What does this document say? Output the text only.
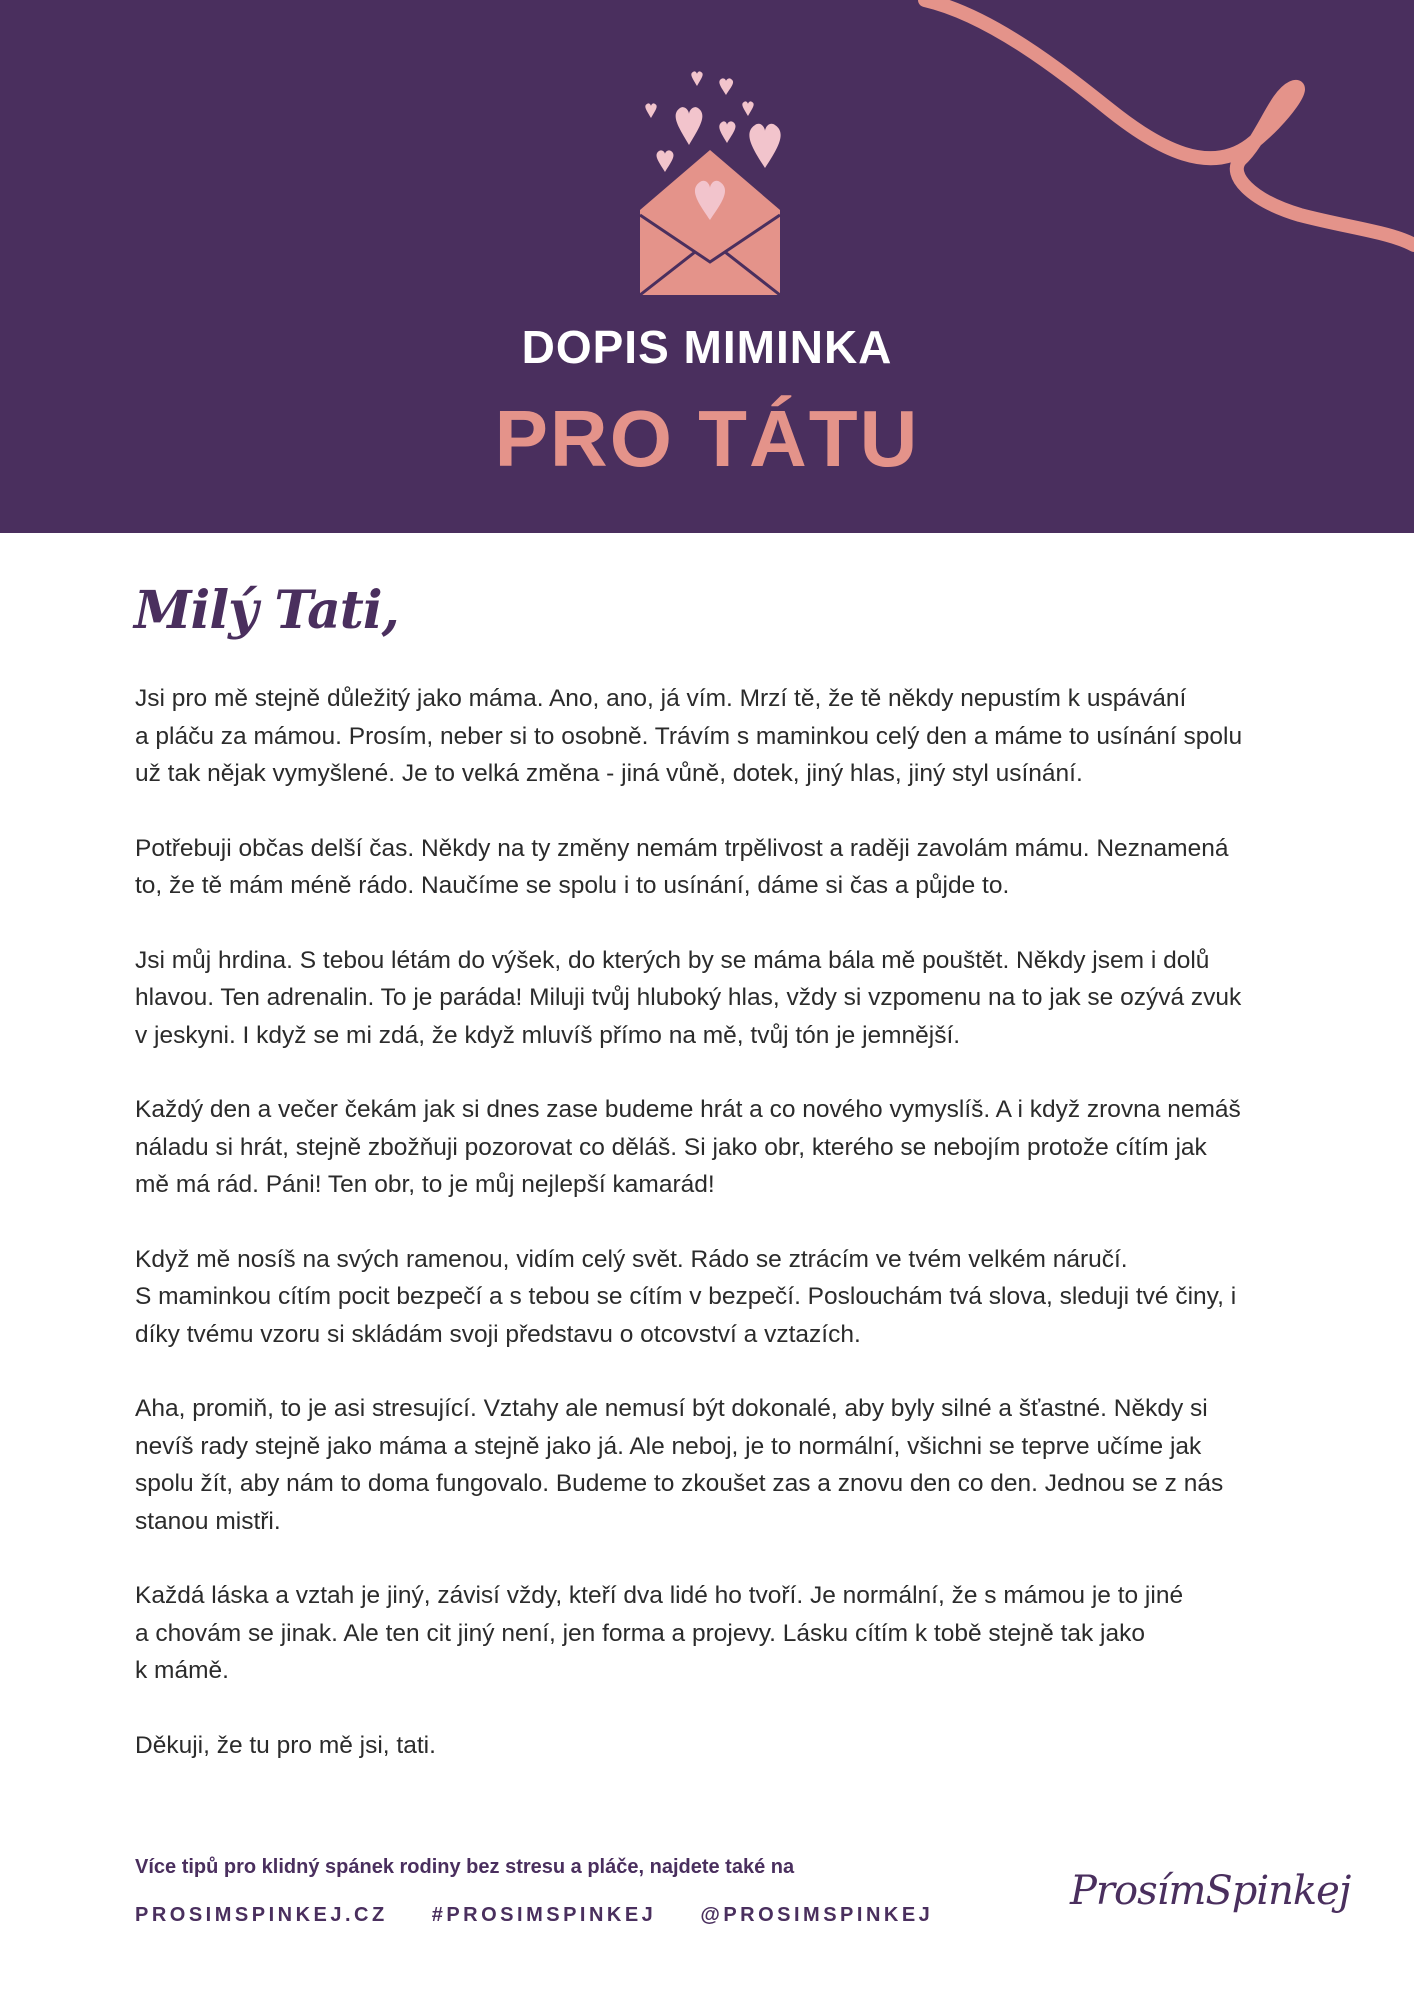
DOPIS MIMINKA
PRO TÁTU
Milý Tati,

Jsi pro mě stejně důležitý jako máma. Ano, ano, já vím. Mrzí tě, že tě někdy nepustím k uspávání
a pláču za mámou. Prosím, neber si to osobně. Trávím s maminkou celý den a máme to usínání spolu
už tak nějak vymyšlené. Je to velká změna - jiná vůně, dotek, jiný hlas, jiný styl usínání.

Potřebuji občas delší čas. Někdy na ty změny nemám trpělivost a raději zavolám mámu. Neznamená
to, že tě mám méně rádo. Naučíme se spolu i to usínání, dáme si čas a půjde to.

Jsi můj hrdina. S tebou létám do výšek, do kterých by se máma bála mě pouštět. Někdy jsem i dolů
hlavou. Ten adrenalin. To je paráda! Miluji tvůj hluboký hlas, vždy si vzpomenu na to jak se ozývá zvuk
v jeskyni. I když se mi zdá, že když mluvíš přímo na mě, tvůj tón je jemnější.

Každý den a večer čekám jak si dnes zase budeme hrát a co nového vymyslíš. A i když zrovna nemáš
náladu si hrát, stejně zbožňuji pozorovat co děláš. Si jako obr, kterého se nebojím protože cítím jak
mě má rád. Páni! Ten obr, to je můj nejlepší kamarád!

Když mě nosíš na svých ramenou, vidím celý svět. Rádo se ztrácím ve tvém velkém náručí.
S maminkou cítím pocit bezpečí a s tebou se cítím v bezpečí. Poslouchám tvá slova, sleduji tvé činy, i
díky tvému vzoru si skládám svoji představu o otcovství a vztazích.

Aha, promiň, to je asi stresující. Vztahy ale nemusí být dokonalé, aby byly silné a šťastné. Někdy si
nevíš rady stejně jako máma a stejně jako já. Ale neboj, je to normální, všichni se teprve učíme jak
spolu žít, aby nám to doma fungovalo. Budeme to zkoušet zas a znovu den co den. Jednou se z nás
stanou mistři.

Každá láska a vztah je jiný, závisí vždy, kteří dva lidé ho tvoří. Je normální, že s mámou je to jiné
a chovám se jinak. Ale ten cit jiný není, jen forma a projevy. Lásku cítím k tobě stejně tak jako
k mámě.

Děkuji, že tu pro mě jsi, tati.

Více tipů pro klidný spánek rodiny bez stresu a pláče, najdete také na
PROSIMSPINKEJ.CZ #PROSIMSPINKEJ @PROSIMSPINKEJ
ProsímSpinkej
